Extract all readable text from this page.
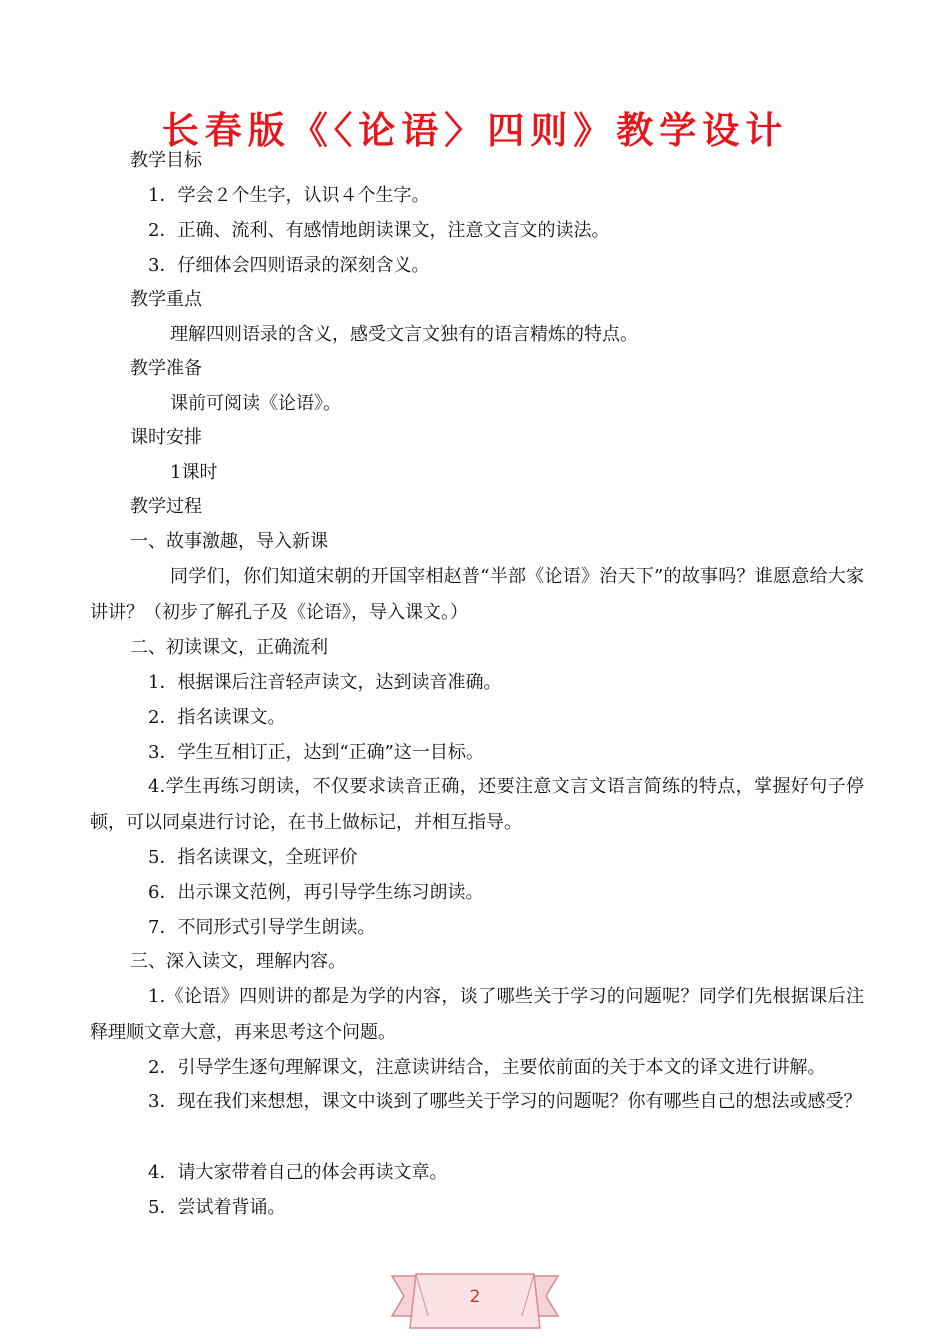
长春版《〈论语〉四则》教学设计
教学目标
1．学会２个生字，认识４个生字。
2．正确、流利、有感情地朗读课文，注意文言文的读法。
3．仔细体会四则语录的深刻含义。
教学重点
理解四则语录的含义，感受文言文独有的语言精炼的特点。
教学准备
课前可阅读《论语》。
课时安排
1课时
教学过程
一、故事激趣，导入新课
同学们，你们知道宋朝的开国宰相赵普“半部《论语》治天下”的故事吗？谁愿意给大家讲讲？（初步了解孔子及《论语》，导入课文。）
二、初读课文，正确流利
1．根据课后注音轻声读文，达到读音准确。
2．指名读课文。
3．学生互相订正，达到“正确”这一目标。
4.学生再练习朗读，不仅要求读音正确，还要注意文言文语言简练的特点，掌握好句子停顿，可以同桌进行讨论，在书上做标记，并相互指导。
5．指名读课文，全班评价
6．出示课文范例，再引导学生练习朗读。
7．不同形式引导学生朗读。
三、深入读文，理解内容。
1.《论语》四则讲的都是为学的内容，谈了哪些关于学习的问题呢？同学们先根据课后注释理顺文章大意，再来思考这个问题。
2．引导学生逐句理解课文，注意读讲结合，主要依前面的关于本文的译文进行讲解。
3．现在我们来想想，课文中谈到了哪些关于学习的问题呢？你有哪些自己的想法或感受？
4．请大家带着自己的体会再读文章。
5．尝试着背诵。
2
